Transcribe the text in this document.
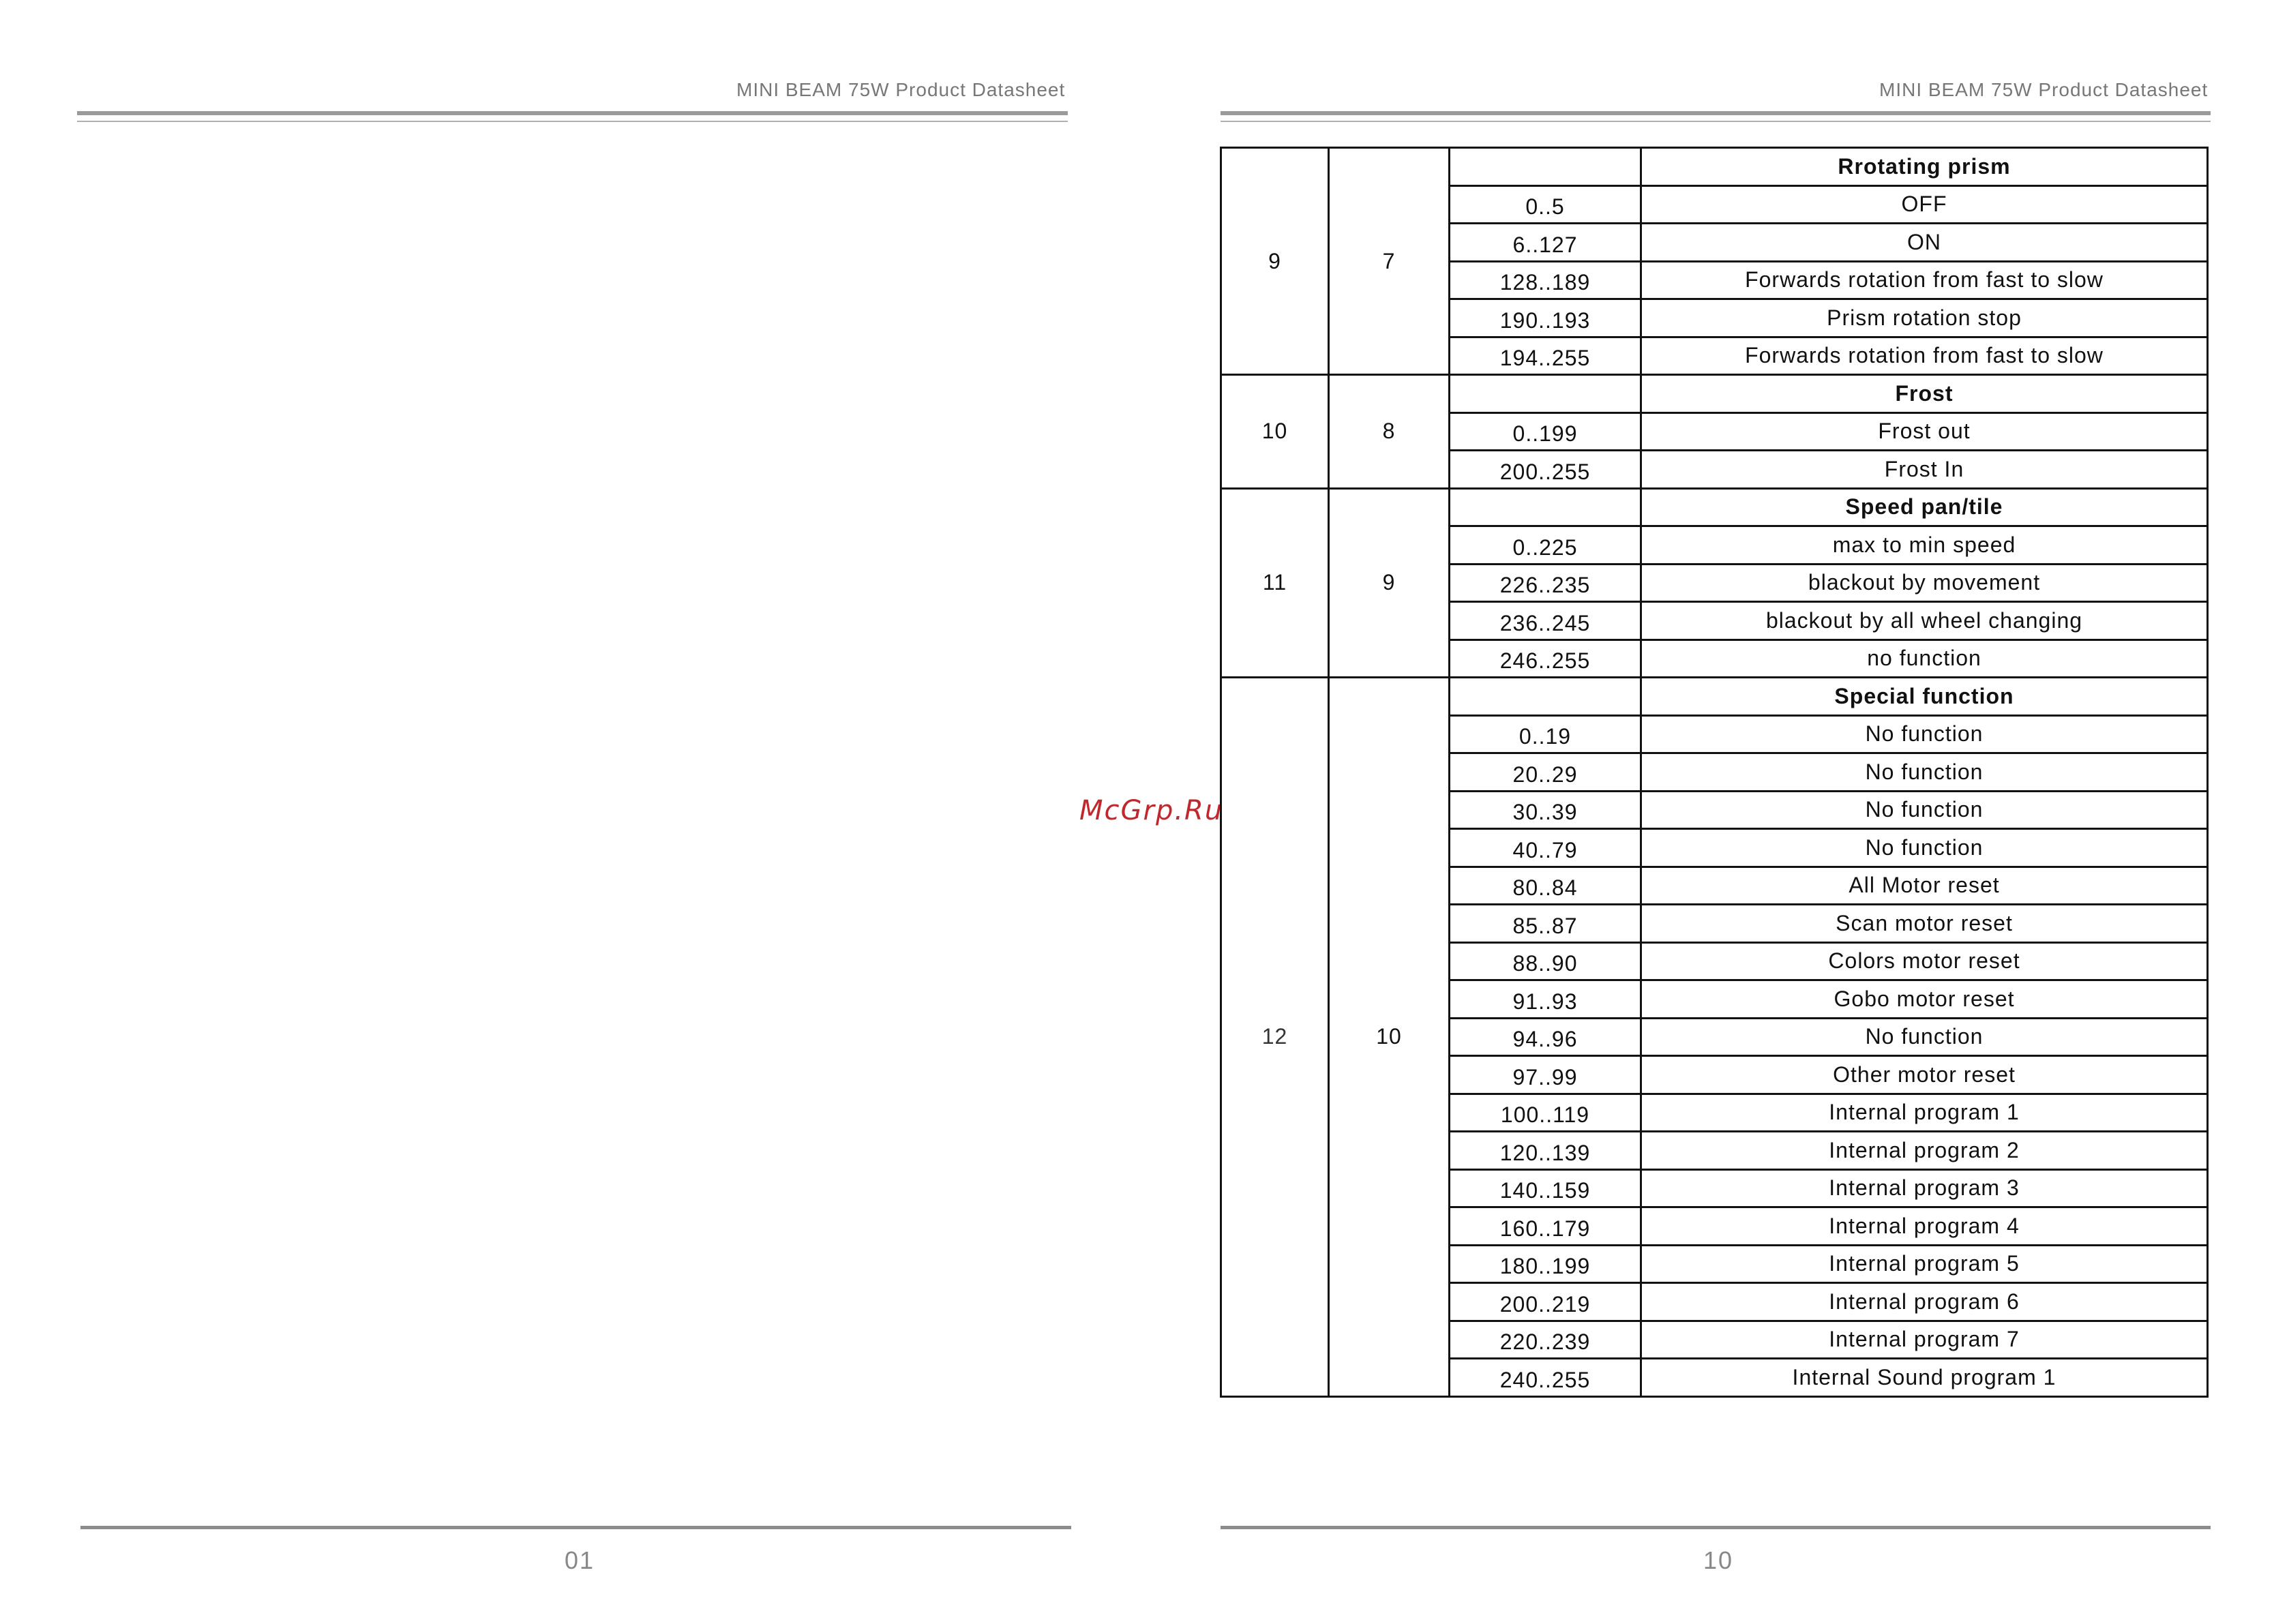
MINI BEAM 75W Product Datasheet
01
MINI BEAM 75W Product Datasheet
10
McGrp.Ru
9	7		Rrotating prism
		0..5	OFF
		6..127	ON
		128..189	Forwards rotation from fast to slow
		190..193	Prism rotation stop
		194..255	Forwards rotation from fast to slow
10	8		Frost
		0..199	Frost out
		200..255	Frost In
11	9		Speed pan/tile
		0..225	max to min speed
		226..235	blackout by movement
		236..245	blackout by all wheel changing
		246..255	no function
12	10		Special function
		0..19	No function
		20..29	No function
		30..39	No function
		40..79	No function
		80..84	All Motor reset
		85..87	Scan motor reset
		88..90	Colors motor reset
		91..93	Gobo motor reset
		94..96	No function
		97..99	Other motor reset
		100..119	Internal program 1
		120..139	Internal program 2
		140..159	Internal program 3
		160..179	Internal program 4
		180..199	Internal program 5
		200..219	Internal program 6
		220..239	Internal program 7
		240..255	Internal Sound program 1
